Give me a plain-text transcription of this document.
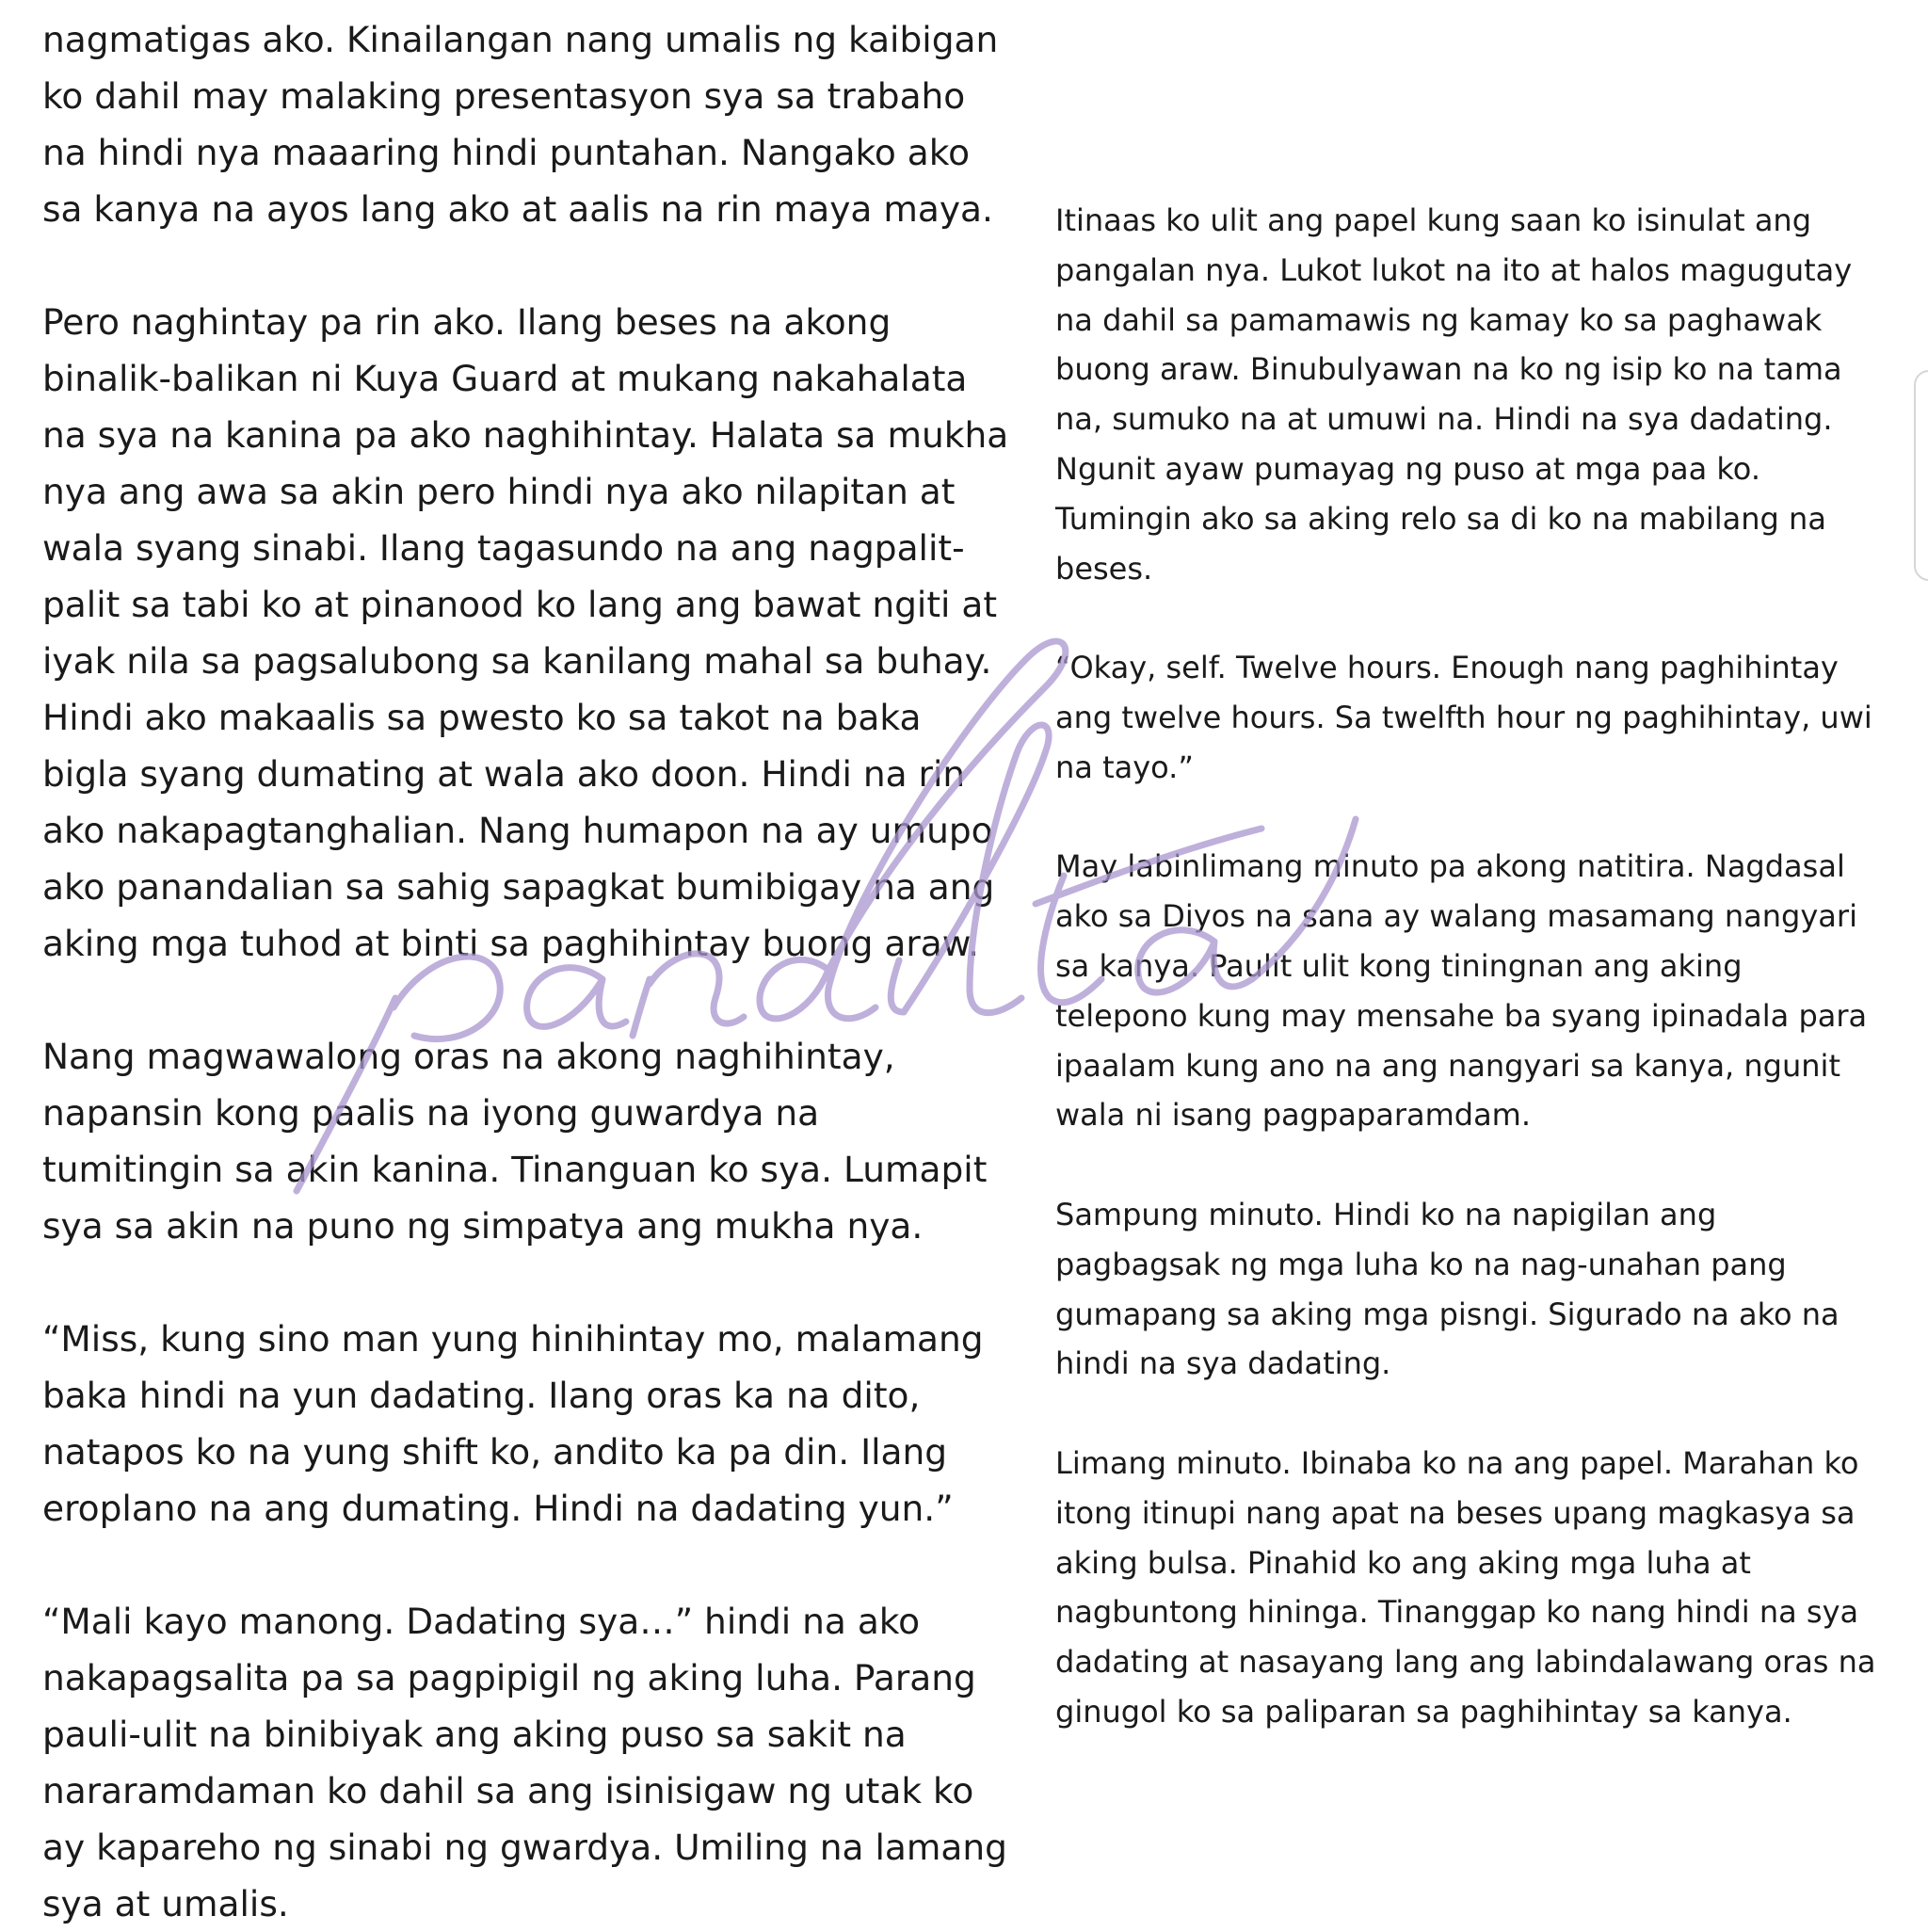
nagmatigas ako. Kinailangan nang umalis ng kaibigan
ko dahil may malaking presentasyon sya sa trabaho
na hindi nya maaaring hindi puntahan. Nangako ako
sa kanya na ayos lang ako at aalis na rin maya maya.

Pero naghintay pa rin ako. Ilang beses na akong
binalik-balikan ni Kuya Guard at mukang nakahalata
na sya na kanina pa ako naghihintay. Halata sa mukha
nya ang awa sa akin pero hindi nya ako nilapitan at
wala syang sinabi. Ilang tagasundo na ang nagpalit-
palit sa tabi ko at pinanood ko lang ang bawat ngiti at
iyak nila sa pagsalubong sa kanilang mahal sa buhay.
Hindi ako makaalis sa pwesto ko sa takot na baka
bigla syang dumating at wala ako doon. Hindi na rin
ako nakapagtanghalian. Nang humapon na ay umupo
ako panandalian sa sahig sapagkat bumibigay na ang
aking mga tuhod at binti sa paghihintay buong araw.

Nang magwawalong oras na akong naghihintay,
napansin kong paalis na iyong guwardya na
tumitingin sa akin kanina. Tinanguan ko sya. Lumapit
sya sa akin na puno ng simpatya ang mukha nya.

“Miss, kung sino man yung hinihintay mo, malamang
baka hindi na yun dadating. Ilang oras ka na dito,
natapos ko na yung shift ko, andito ka pa din. Ilang
eroplano na ang dumating. Hindi na dadating yun.”

“Mali kayo manong. Dadating sya…” hindi na ako
nakapagsalita pa sa pagpipigil ng aking luha. Parang
pauli-ulit na binibiyak ang aking puso sa sakit na
nararamdaman ko dahil sa ang isinisigaw ng utak ko
ay kapareho ng sinabi ng gwardya. Umiling na lamang
sya at umalis.

Itinaas ko ulit ang papel kung saan ko isinulat ang
pangalan nya. Lukot lukot na ito at halos magugutay
na dahil sa pamamawis ng kamay ko sa paghawak
buong araw. Binubulyawan na ko ng isip ko na tama
na, sumuko na at umuwi na. Hindi na sya dadating.
Ngunit ayaw pumayag ng puso at mga paa ko.
Tumingin ako sa aking relo sa di ko na mabilang na
beses.

“Okay, self. Twelve hours. Enough nang paghihintay
ang twelve hours. Sa twelfth hour ng paghihintay, uwi
na tayo.”

May labinlimang minuto pa akong natitira. Nagdasal
ako sa Diyos na sana ay walang masamang nangyari
sa kanya. Paulit ulit kong tiningnan ang aking
telepono kung may mensahe ba syang ipinadala para
ipaalam kung ano na ang nangyari sa kanya, ngunit
wala ni isang pagpaparamdam.

Sampung minuto. Hindi ko na napigilan ang
pagbagsak ng mga luha ko na nag-unahan pang
gumapang sa aking mga pisngi. Sigurado na ako na
hindi na sya dadating.

Limang minuto. Ibinaba ko na ang papel. Marahan ko
itong itinupi nang apat na beses upang magkasya sa
aking bulsa. Pinahid ko ang aking mga luha at
nagbuntong hininga. Tinanggap ko nang hindi na sya
dadating at nasayang lang ang labindalawang oras na
ginugol ko sa paliparan sa paghihintay sa kanya.
